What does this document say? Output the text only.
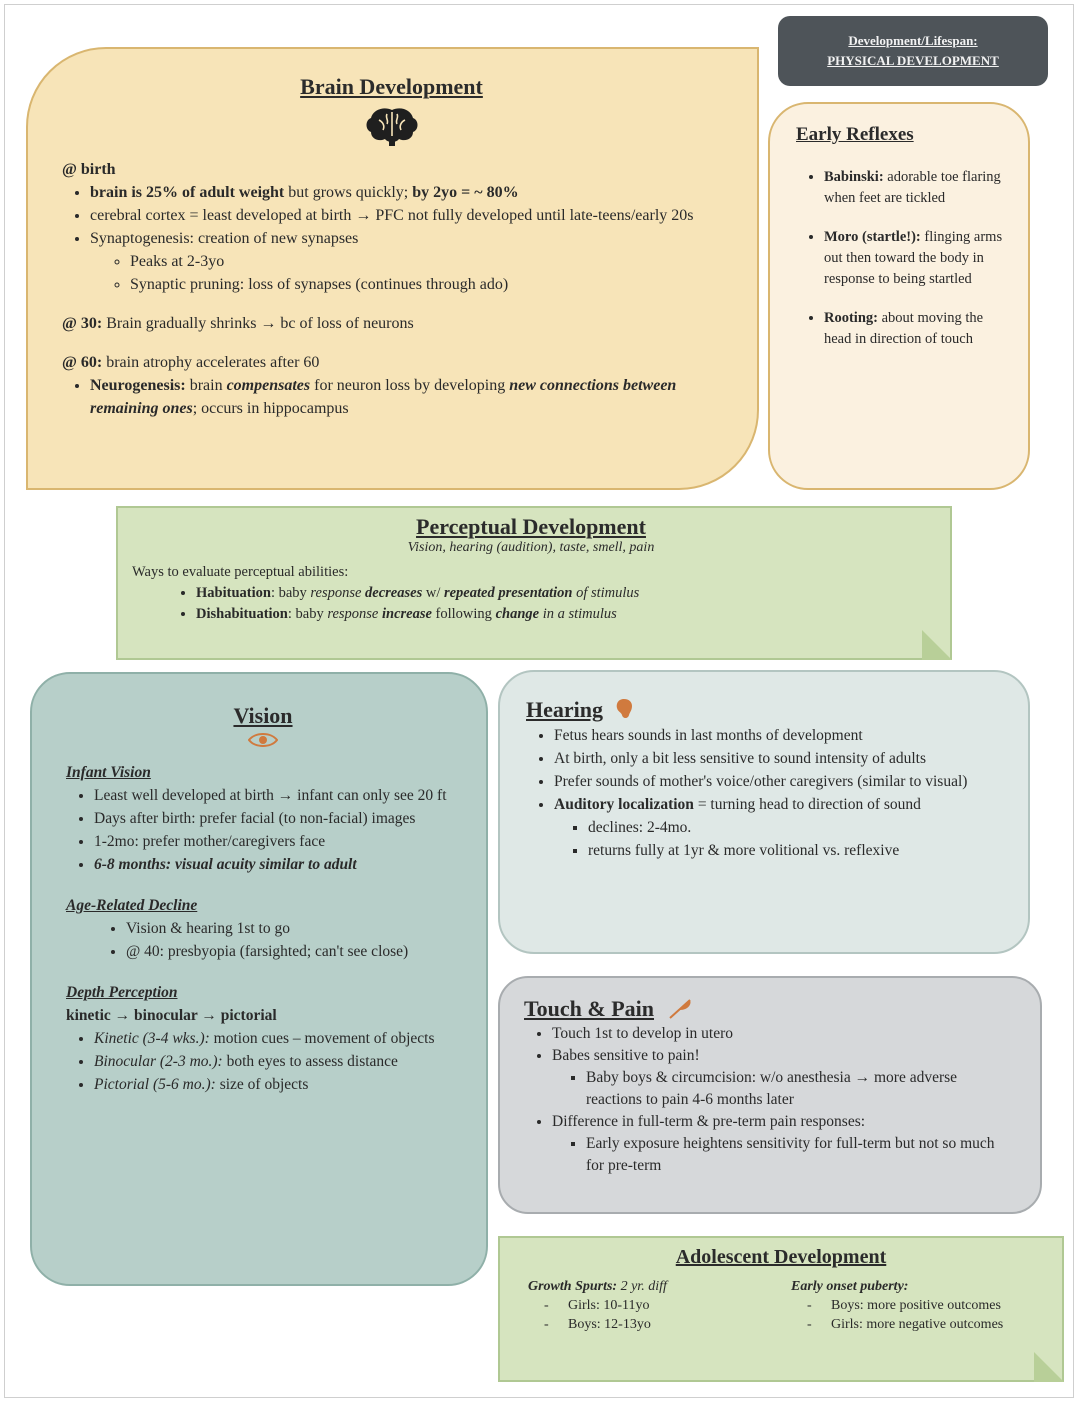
Development/Lifespan:
PHYSICAL DEVELOPMENT
Brain Development
@ birth
• brain is 25% of adult weight but grows quickly; by 2yo = ~ 80%
• cerebral cortex = least developed at birth → PFC not fully developed until late-teens/early 20s
• Synaptogenesis: creation of new synapses
◦ Peaks at 2-3yo
◦ Synaptic pruning: loss of synapses (continues through ado)
@ 30: Brain gradually shrinks → bc of loss of neurons
@ 60: brain atrophy accelerates after 60
• Neurogenesis: brain compensates for neuron loss by developing new connections between remaining ones; occurs in hippocampus
Early Reflexes
• Babinski: adorable toe flaring when feet are tickled
• Moro (startle!): flinging arms out then toward the body in response to being startled
• Rooting: about moving the head in direction of touch
Perceptual Development
Vision, hearing (audition), taste, smell, pain
Ways to evaluate perceptual abilities:
• Habituation: baby response decreases w/ repeated presentation of stimulus
• Dishabituation: baby response increase following change in a stimulus
Vision
Infant Vision
• Least well developed at birth → infant can only see 20 ft
• Days after birth: prefer facial (to non-facial) images
• 1-2mo: prefer mother/caregivers face
• 6-8 months: visual acuity similar to adult
Age-Related Decline
• Vision & hearing 1st to go
• @ 40: presbyopia (farsighted; can't see close)
Depth Perception
kinetic → binocular → pictorial
• Kinetic (3-4 wks.): motion cues – movement of objects
• Binocular (2-3 mo.): both eyes to assess distance
• Pictorial (5-6 mo.): size of objects
Hearing
• Fetus hears sounds in last months of development
• At birth, only a bit less sensitive to sound intensity of adults
• Prefer sounds of mother's voice/other caregivers (similar to visual)
• Auditory localization = turning head to direction of sound
▪ declines: 2-4mo.
▪ returns fully at 1yr & more volitional vs. reflexive
Touch & Pain
• Touch 1st to develop in utero
• Babes sensitive to pain!
▪ Baby boys & circumcision: w/o anesthesia → more adverse reactions to pain 4-6 months later
• Difference in full-term & pre-term pain responses:
▪ Early exposure heightens sensitivity for full-term but not so much for pre-term
Adolescent Development
Growth Spurts: 2 yr. diff
- Girls: 10-11yo
- Boys: 12-13yo
Early onset puberty:
- Boys: more positive outcomes
- Girls: more negative outcomes
